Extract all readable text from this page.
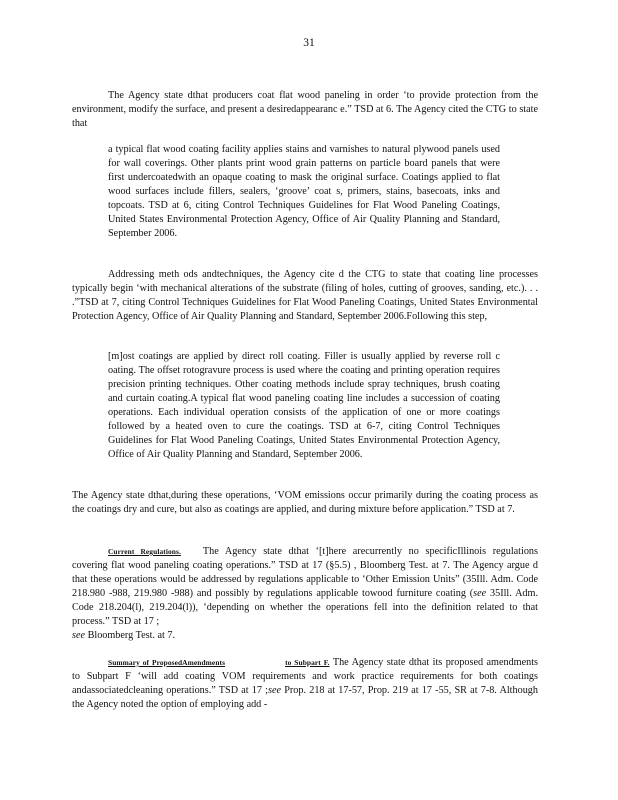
31

The Agency state dthat producers coat flat wood paneling in order ‘to provide protection from the environment, modify the surface, and present a desiredappearanc e.” TSD at 6. The Agency cited the CTG to state that

a typical flat wood coating facility applies stains and varnishes to natural plywood panels used for wall coverings. Other plants print wood grain patterns on particle board panels that were first undercoatedwith an opaque coating to mask the original surface. Coatings applied to flat wood surfaces include fillers, sealers, ‘groove’ coat s, primers, stains, basecoats, inks and topcoats. TSD at 6, citing Control Techniques Guidelines for Flat Wood Paneling Coatings, United States Environmental Protection Agency, Office of Air Quality Planning and Standard, September 2006.

Addressing meth ods andtechniques, the Agency cite d the CTG to state that coating line processes typically begin ‘with mechanical alterations of the substrate (filing of holes, cutting of grooves, sanding, etc.). . . .”TSD at 7, citing Control Techniques Guidelines for Flat Wood Paneling Coatings, United States Environmental Protection Agency, Office of Air Quality Planning and Standard, September 2006.Following this step,

[m]ost coatings are applied by direct roll coating. Filler is usually applied by reverse roll c oating. The offset rotogravure process is used where the coating and printing operation requires precision printing techniques. Other coating methods include spray techniques, brush coating and curtain coating.A typical flat wood paneling coating line includes a succession of coating operations. Each individual operation consists of the application of one or more coatings followed by a heated oven to cure the coatings. TSD at 6-7, citing Control Techniques Guidelines for Flat Wood Paneling Coatings, United States Environmental Protection Agency, Office of Air Quality Planning and Standard, September 2006.

The Agency state dthat,during these operations, ‘VOM emissions occur primarily during the coating process as the coatings dry and cure, but also as coatings are applied, and during mixture before application.” TSD at 7.

Current Regulations. The Agency state dthat ‘[t]here arecurrently no specificIllinois regulations covering flat wood paneling coating operations.” TSD at 17 (§5.5) , Bloomberg Test. at 7. The Agency argue d that these operations would be addressed by regulations applicable to ‘Other Emission Units” (35Ill. Adm. Code 218.980 -988, 219.980 -988) and possibly by regulations applicable towood furniture coating (see 35Ill. Adm. Code 218.204(l), 219.204(l)), ‘depending on whether the operations fell into the definition related to that process.” TSD at 17 ;
see Bloomberg Test. at 7.

Summary of ProposedAmendments	to Subpart F. The Agency state dthat its proposed amendments to Subpart F ‘will add coating VOM requirements and work practice requirements for both coatings andassociatedcleaning operations.” TSD at 17 ;see Prop. 218 at 17-57, Prop. 219 at 17 -55, SR at 7-8. Although the Agency noted the option of employing add -
